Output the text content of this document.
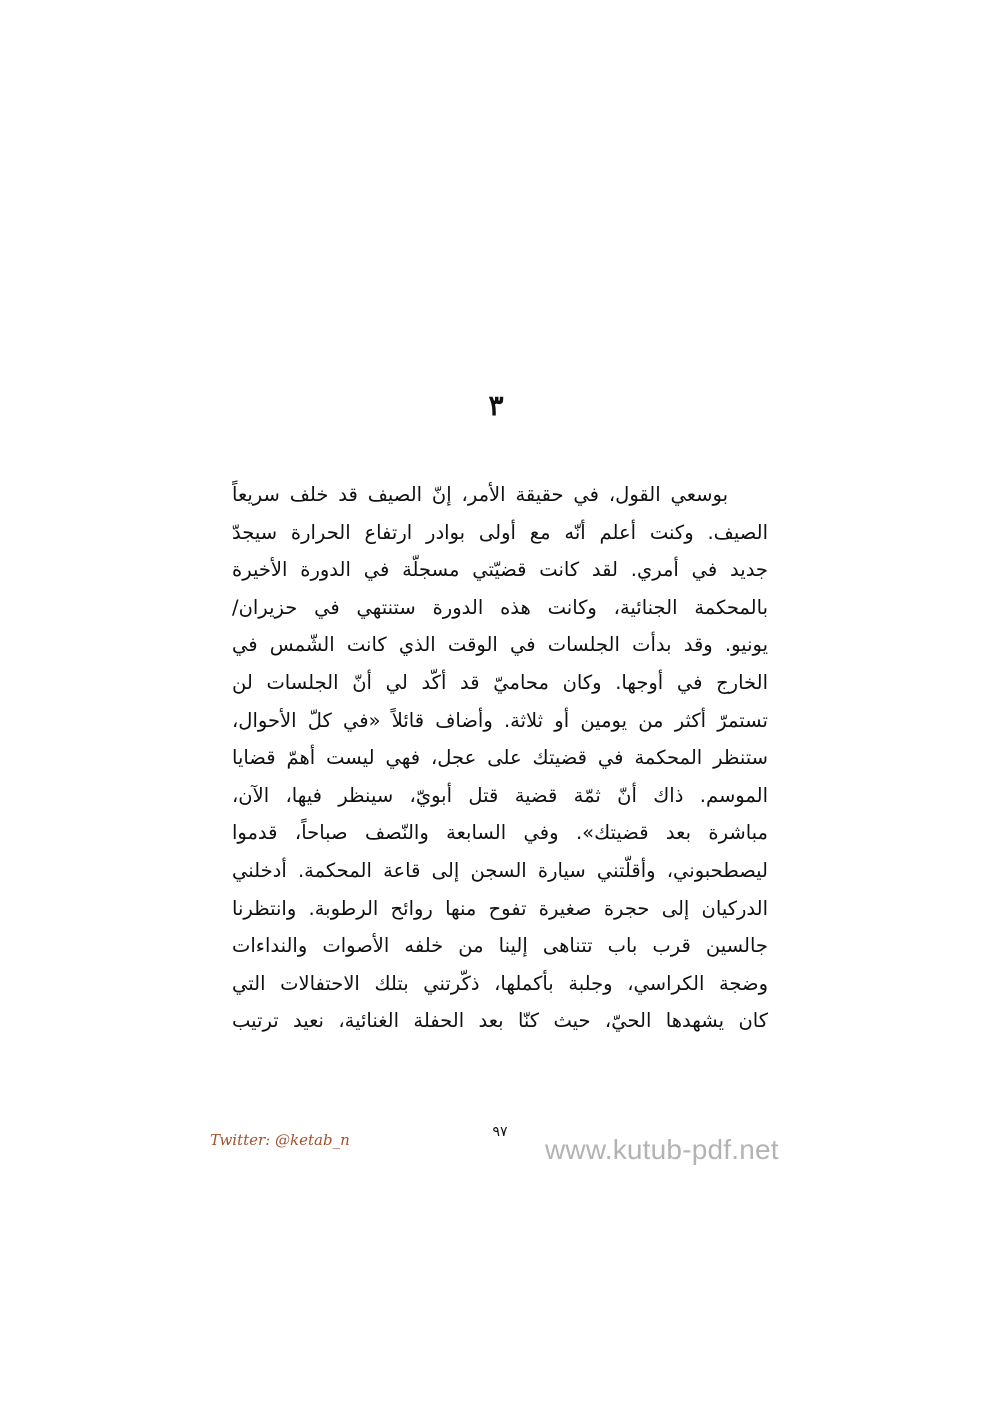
٣
بوسعي القول، في حقيقة الأمر، إنّ الصيف قد خلف سريعاً
الصيف. وكنت أعلم أنّه مع أولى بوادر ارتفاع الحرارة سيجدّ
جديد في أمري. لقد كانت قضيّتي مسجلّة في الدورة الأخيرة
بالمحكمة الجنائية، وكانت هذه الدورة ستنتهي في حزيران/
يونيو. وقد بدأت الجلسات في الوقت الذي كانت الشّمس في
الخارج في أوجها. وكان محاميّ قد أكّد لي أنّ الجلسات لن
تستمرّ أكثر من يومين أو ثلاثة. وأضاف قائلاً «في كلّ الأحوال،
ستنظر المحكمة في قضيتك على عجل، فهي ليست أهمّ قضايا
الموسم. ذاك أنّ ثمّة قضية قتل أبويّ، سينظر فيها، الآن،
مباشرة بعد قضيتك». وفي السابعة والنّصف صباحاً، قدموا
ليصطحبوني، وأقلّتني سيارة السجن إلى قاعة المحكمة. أدخلني
الدركيان إلى حجرة صغيرة تفوح منها روائح الرطوبة. وانتظرنا
جالسين قرب باب تتناهى إلينا من خلفه الأصوات والنداءات
وضجة الكراسي، وجلبة بأكملها، ذكّرتني بتلك الاحتفالات التي
كان يشهدها الحيّ، حيث كنّا بعد الحفلة الغنائية، نعيد ترتيب
Twitter: @ketab_n	٩٧
www.kutub-pdf.net
